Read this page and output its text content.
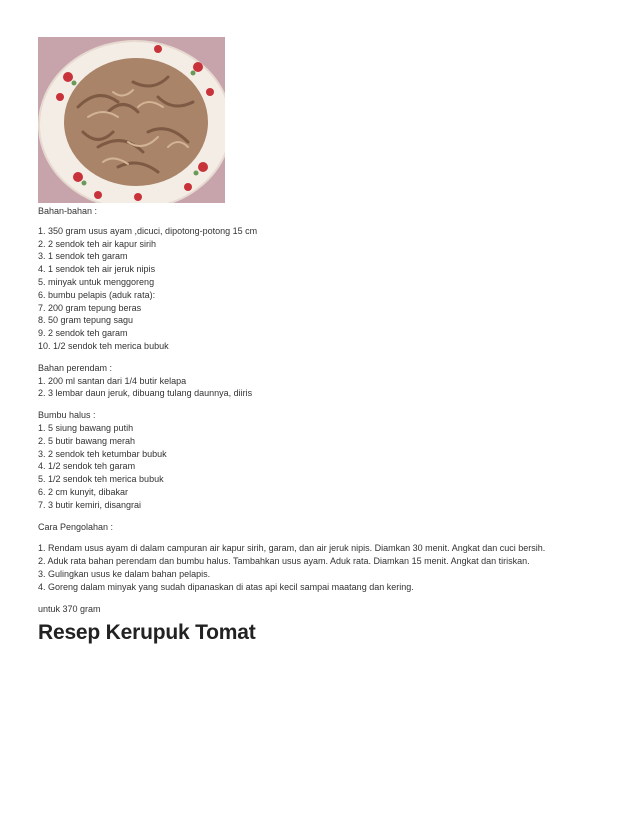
Bahan-bahan :
1. 350 gram usus ayam ,dicuci, dipotong-potong 15 cm
2. 2 sendok teh air kapur sirih
3. 1 sendok teh garam
4. 1 sendok teh air jeruk nipis
5. minyak untuk menggoreng
6. bumbu pelapis (aduk rata):
7. 200 gram tepung beras
8. 50 gram tepung sagu
9. 2 sendok teh garam
10. 1/2 sendok teh merica bubuk
Bahan perendam :
1. 200 ml santan dari 1/4 butir kelapa
2. 3 lembar daun jeruk, dibuang tulang daunnya, diiris
Bumbu halus :
1. 5 siung bawang putih
2. 5 butir bawang merah
3. 2 sendok teh ketumbar bubuk
4. 1/2 sendok teh garam
5. 1/2 sendok teh merica bubuk
6. 2 cm kunyit, dibakar
7. 3 butir kemiri, disangrai
Cara Pengolahan :
1. Rendam usus ayam di dalam campuran air kapur sirih, garam, dan air jeruk nipis. Diamkan 30 menit. Angkat dan cuci bersih.
2. Aduk rata bahan perendam dan bumbu halus. Tambahkan usus ayam. Aduk rata. Diamkan 15 menit. Angkat dan tiriskan.
3. Gulingkan usus ke dalam bahan pelapis.
4. Goreng dalam minyak yang sudah dipanaskan di atas api kecil sampai maatang dan kering.
untuk 370 gram
Resep Kerupuk Tomat
